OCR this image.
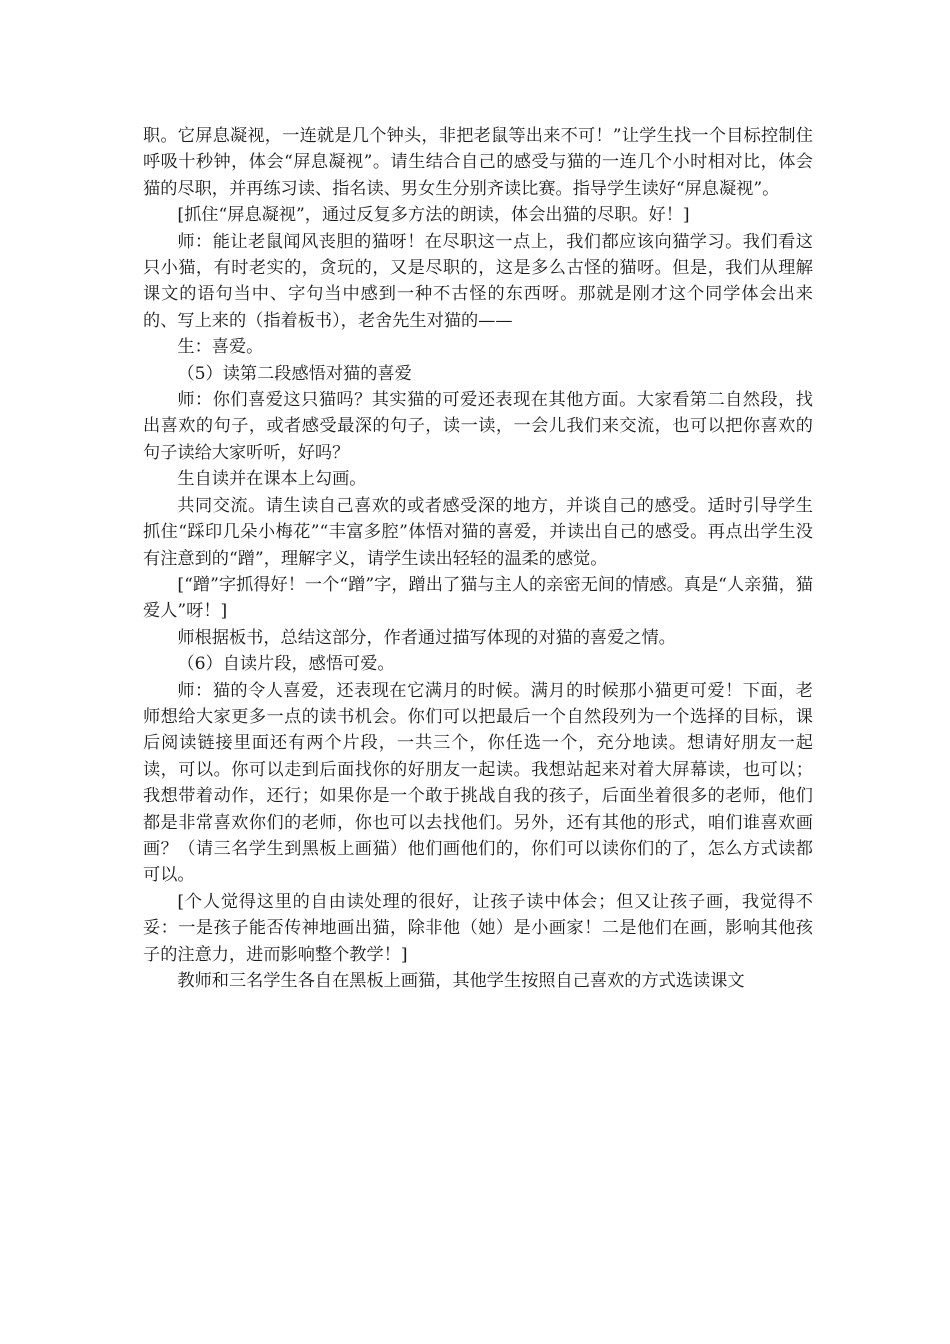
职。它屏息凝视，一连就是几个钟头，非把老鼠等出来不可！”让学生找一个目标控制住呼吸十秒钟，体会“屏息凝视”。请生结合自己的感受与猫的一连几个小时相对比，体会猫的尽职，并再练习读、指名读、男女生分别齐读比赛。指导学生读好“屏息凝视”。

[抓住“屏息凝视”，通过反复多方法的朗读，体会出猫的尽职。好！]

师：能让老鼠闻风丧胆的猫呀！在尽职这一点上，我们都应该向猫学习。我们看这只小猫，有时老实的，贪玩的，又是尽职的，这是多么古怪的猫呀。但是，我们从理解课文的语句当中、字句当中感到一种不古怪的东西呀。那就是刚才这个同学体会出来的、写上来的（指着板书），老舍先生对猫的——

生：喜爱。

（5）读第二段感悟对猫的喜爱

师：你们喜爱这只猫吗？其实猫的可爱还表现在其他方面。大家看第二自然段，找出喜欢的句子，或者感受最深的句子，读一读，一会儿我们来交流，也可以把你喜欢的句子读给大家听听，好吗？

生自读并在课本上勾画。

共同交流。请生读自己喜欢的或者感受深的地方，并谈自己的感受。适时引导学生抓住“踩印几朵小梅花”“丰富多腔”体悟对猫的喜爱，并读出自己的感受。再点出学生没有注意到的“蹭”，理解字义，请学生读出轻轻的温柔的感觉。

[“蹭”字抓得好！一个“蹭”字，蹭出了猫与主人的亲密无间的情感。真是“人亲猫，猫爱人”呀！]

师根据板书，总结这部分，作者通过描写体现的对猫的喜爱之情。

（6）自读片段，感悟可爱。

师：猫的令人喜爱，还表现在它满月的时候。满月的时候那小猫更可爱！下面，老师想给大家更多一点的读书机会。你们可以把最后一个自然段列为一个选择的目标，课后阅读链接里面还有两个片段，一共三个，你任选一个，充分地读。想请好朋友一起读，可以。你可以走到后面找你的好朋友一起读。我想站起来对着大屏幕读，也可以；我想带着动作，还行；如果你是一个敢于挑战自我的孩子，后面坐着很多的老师，他们都是非常喜欢你们的老师，你也可以去找他们。另外，还有其他的形式，咱们谁喜欢画画？（请三名学生到黑板上画猫）他们画他们的，你们可以读你们的了，怎么方式读都可以。

[个人觉得这里的自由读处理的很好，让孩子读中体会；但又让孩子画，我觉得不妥：一是孩子能否传神地画出猫，除非他（她）是小画家！二是他们在画，影响其他孩子的注意力，进而影响整个教学！]

教师和三名学生各自在黑板上画猫，其他学生按照自己喜欢的方式选读课文
